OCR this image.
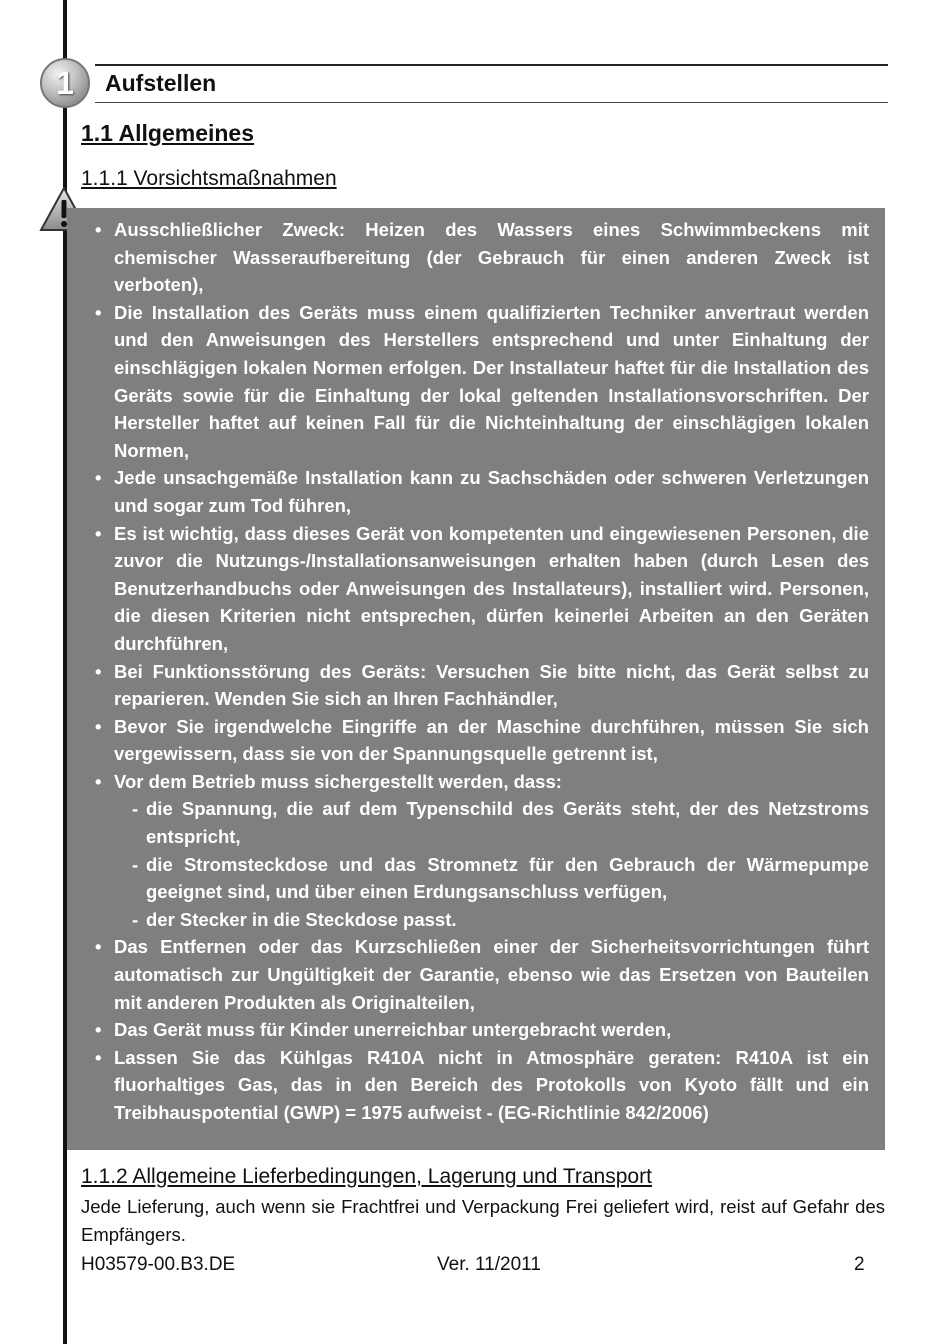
1 Aufstellen
1.1 Allgemeines
1.1.1 Vorsichtsmaßnahmen
• Ausschließlicher Zweck: Heizen des Wassers eines Schwimmbeckens mit chemischer Wasseraufbereitung (der Gebrauch für einen anderen Zweck ist verboten),
• Die Installation des Geräts muss einem qualifizierten Techniker anvertraut werden und den Anweisungen des Herstellers entsprechend und unter Einhaltung der einschlägigen lokalen Normen erfolgen. Der Installateur haftet für die Installation des Geräts sowie für die Einhaltung der lokal geltenden Installationsvorschriften. Der Hersteller haftet auf keinen Fall für die Nichteinhaltung der einschlägigen lokalen Normen,
• Jede unsachgemäße Installation kann zu Sachschäden oder schweren Verletzungen und sogar zum Tod führen,
• Es ist wichtig, dass dieses Gerät von kompetenten und eingewiesenen Personen, die zuvor die Nutzungs-/Installationsanweisungen erhalten haben (durch Lesen des Benutzerhandbuchs oder Anweisungen des Installateurs), installiert wird. Personen, die diesen Kriterien nicht entsprechen, dürfen keinerlei Arbeiten an den Geräten durchführen,
• Bei Funktionsstörung des Geräts: Versuchen Sie bitte nicht, das Gerät selbst zu reparieren. Wenden Sie sich an Ihren Fachhändler,
• Bevor Sie irgendwelche Eingriffe an der Maschine durchführen, müssen Sie sich vergewissern, dass sie von der Spannungsquelle getrennt ist,
• Vor dem Betrieb muss sichergestellt werden, dass:
- die Spannung, die auf dem Typenschild des Geräts steht, der des Netzstroms entspricht,
- die Stromsteckdose und das Stromnetz für den Gebrauch der Wärmepumpe geeignet sind, und über einen Erdungsanschluss verfügen,
- der Stecker in die Steckdose passt.
• Das Entfernen oder das Kurzschließen einer der Sicherheitsvorrichtungen führt automatisch zur Ungültigkeit der Garantie, ebenso wie das Ersetzen von Bauteilen mit anderen Produkten als Originalteilen,
• Das Gerät muss für Kinder unerreichbar untergebracht werden,
• Lassen Sie das Kühlgas R410A nicht in Atmosphäre geraten: R410A ist ein fluorhaltiges Gas, das in den Bereich des Protokolls von Kyoto fällt und ein Treibhauspotential (GWP) = 1975 aufweist - (EG-Richtlinie 842/2006)
1.1.2 Allgemeine Lieferbedingungen, Lagerung und Transport
Jede Lieferung, auch wenn sie Frachtfrei und Verpackung Frei geliefert wird, reist auf Gefahr des Empfängers.
H03579-00.B3.DE	Ver. 11/2011	2
